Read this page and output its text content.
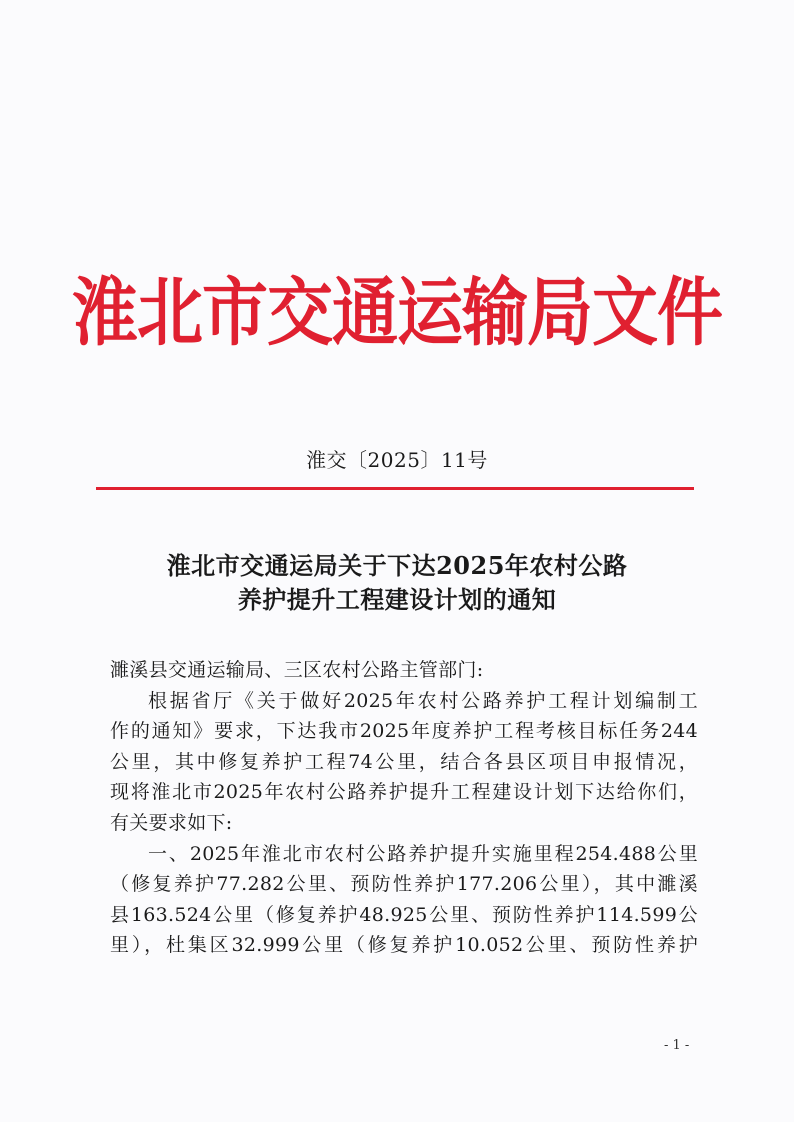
淮北市交通运输局文件
淮交〔2025〕11号
淮北市交通运局关于下达2025年农村公路
养护提升工程建设计划的通知

濉溪县交通运输局、三区农村公路主管部门:

根据省厅《关于做好2025年农村公路养护工程计划编制工

作的通知》要求，下达我市2025年度养护工程考核目标任务244

公里，其中修复养护工程74公里，结合各县区项目申报情况，

现将淮北市2025年农村公路养护提升工程建设计划下达给你们，

有关要求如下:

一、2025年淮北市农村公路养护提升实施里程254.488公里

（修复养护77.282公里、预防性养护177.206公里），其中濉溪

县163.524公里（修复养护48.925公里、预防性养护114.599公

里），杜集区32.999公里（修复养护10.052公里、预防性养护

- 1 -
